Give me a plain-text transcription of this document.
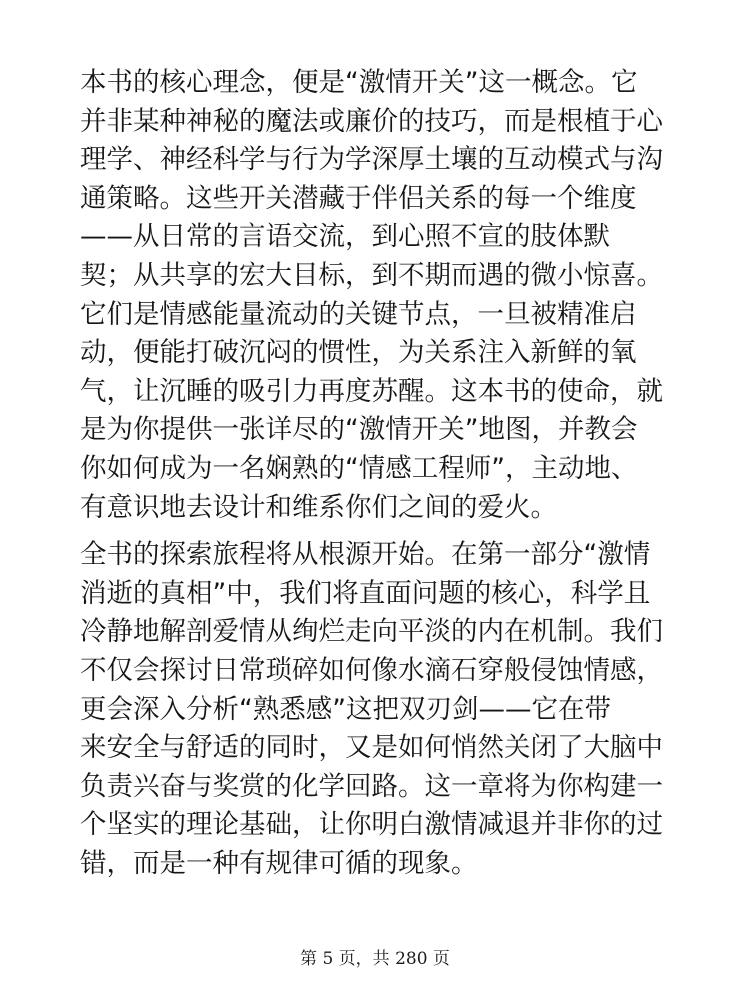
本书的核心理念，便是“激情开关”这一概念。它
并非某种神秘的魔法或廉价的技巧，而是根植于心
理学、神经科学与行为学深厚土壤的互动模式与沟
通策略。这些开关潜藏于伴侣关系的每一个维度
——从日常的言语交流，到心照不宣的肢体默
契；从共享的宏大目标，到不期而遇的微小惊喜。
它们是情感能量流动的关键节点，一旦被精准启
动，便能打破沉闷的惯性，为关系注入新鲜的氧
气，让沉睡的吸引力再度苏醒。这本书的使命，就
是为你提供一张详尽的“激情开关”地图，并教会
你如何成为一名娴熟的“情感工程师”，主动地、
有意识地去设计和维系你们之间的爱火。
全书的探索旅程将从根源开始。在第一部分“激情
消逝的真相”中，我们将直面问题的核心，科学且
冷静地解剖爱情从绚烂走向平淡的内在机制。我们
不仅会探讨日常琐碎如何像水滴石穿般侵蚀情感，
更会深入分析“熟悉感”这把双刃剑——它在带
来安全与舒适的同时，又是如何悄然关闭了大脑中
负责兴奋与奖赏的化学回路。这一章将为你构建一
个坚实的理论基础，让你明白激情减退并非你的过
错，而是一种有规律可循的现象。
第 5 页，共 280 页
